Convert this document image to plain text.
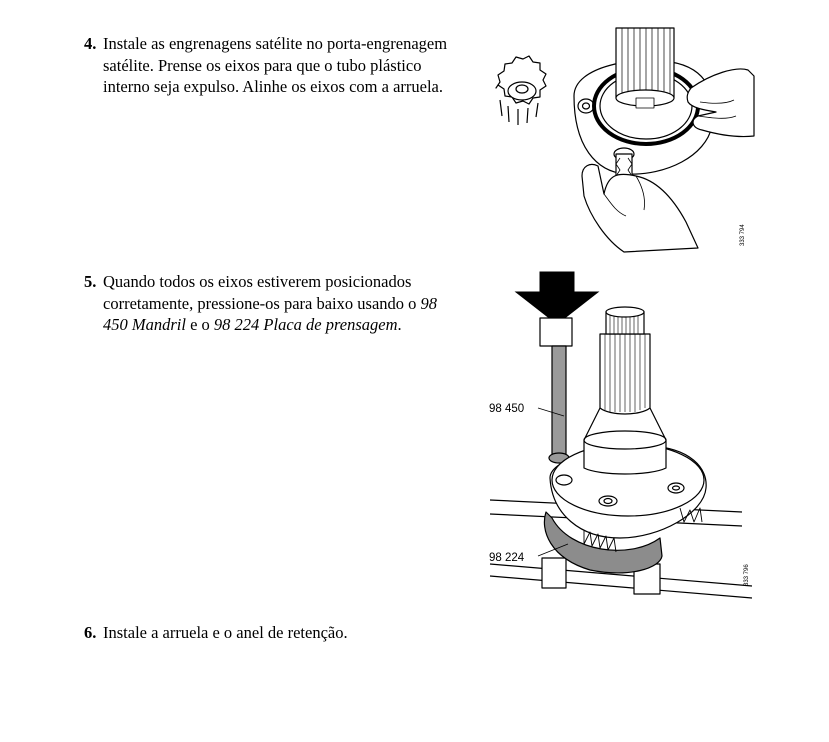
4. Instale as engrenagens satélite no porta-engrenagem satélite. Prense os eixos para que o tubo plástico interno seja expulso. Alinhe os eixos com a arruela.
5. Quando todos os eixos estiverem posicionados corretamente, pressione-os para baixo usando o 98 450 Mandril e o 98 224 Placa de prensagem.
6. Instale a arruela e o anel de retenção.
333 794
98 450
98 224
333 796
